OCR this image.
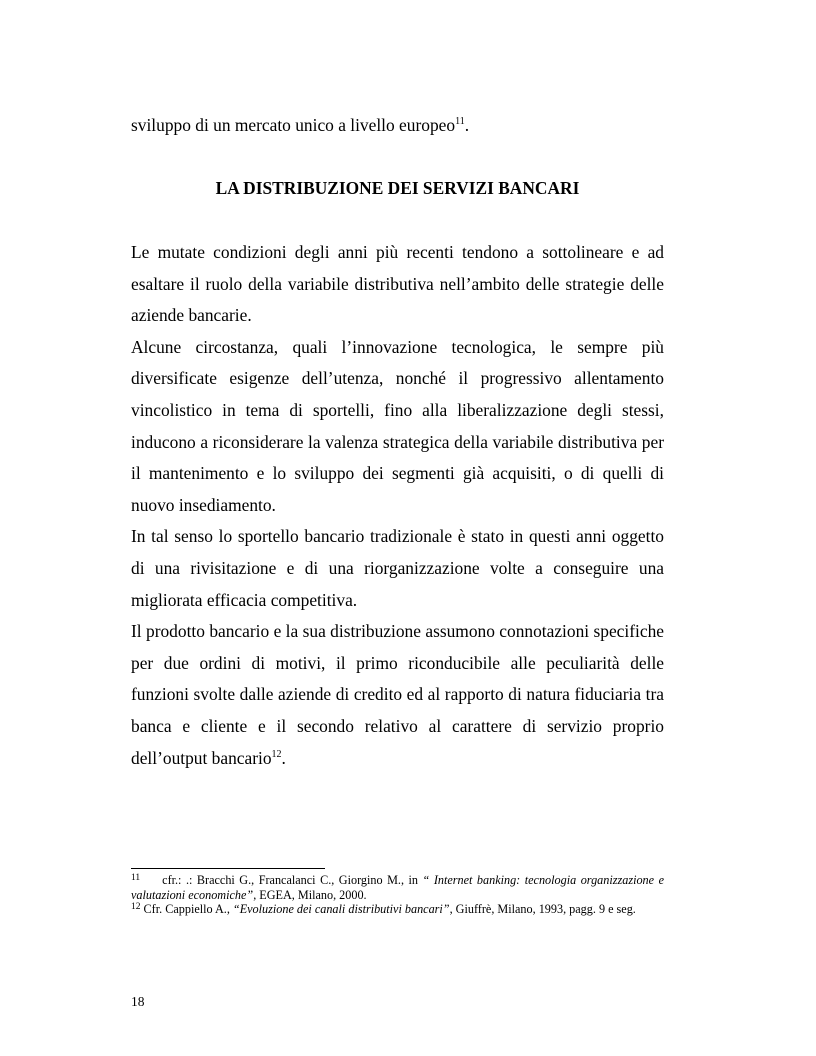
sviluppo di un mercato unico a livello europeo$^{11}$.

LA DISTRIBUZIONE DEI SERVIZI BANCARI

Le mutate condizioni degli anni più recenti tendono a sottolineare e ad esaltare il ruolo della variabile distributiva nell’ambito delle strategie delle aziende bancarie.

Alcune circostanza, quali l’innovazione tecnologica, le sempre più diversificate esigenze dell’utenza, nonché il progressivo allentamento vincolistico in tema di sportelli, fino alla liberalizzazione degli stessi, inducono a riconsiderare la valenza strategica della variabile distributiva per il mantenimento e lo sviluppo dei segmenti già acquisiti, o di quelli di nuovo insediamento.

In tal senso lo sportello bancario tradizionale è stato in questi anni oggetto di una rivisitazione e di una riorganizzazione volte a conseguire una migliorata efficacia competitiva.

Il prodotto bancario e la sua distribuzione assumono connotazioni specifiche per due ordini di motivi, il primo riconducibile alle peculiarità delle funzioni svolte dalle aziende di credito ed al rapporto di natura fiduciaria tra banca e cliente e il secondo relativo al carattere di servizio proprio dell’output bancario$^{12}$.

$^{11}$ cfr.: .: Bracchi G., Francalanci C., Giorgino M., in “ Internet banking: tecnologia organizzazione e valutazioni economiche”, EGEA, Milano, 2000.

$^{12}$ Cfr. Cappiello A., “Evoluzione dei canali distributivi bancari”, Giuffrè, Milano, 1993, pagg. 9 e seg.

18
